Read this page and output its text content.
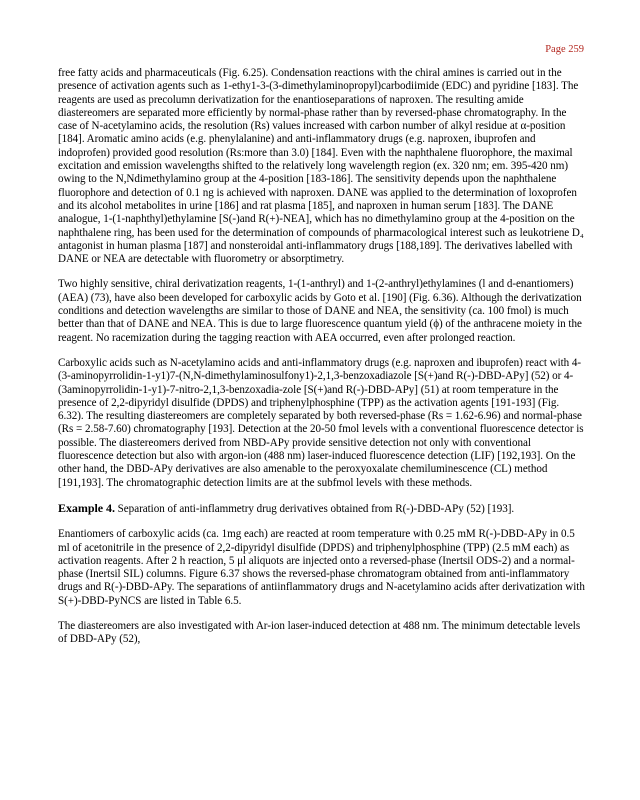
Page 259

free fatty acids and pharmaceuticals (Fig. 6.25). Condensation reactions with the chiral amines is carried out in the presence of activation agents such as 1-ethy1-3-(3-dimethylaminopropyl)carbodiimide (EDC) and pyridine [183]. The reagents are used as precolumn derivatization for the enantioseparations of naproxen. The resulting amide diastereomers are separated more efficiently by normal-phase rather than by reversed-phase chromatography. In the case of N-acetylamino acids, the resolution (Rs) values increased with carbon number of alkyl residue at α-position [184]. Aromatic amino acids (e.g. phenylalanine) and anti-inflammatory drugs (e.g. naproxen, ibuprofen and indoprofen) provided good resolution (Rs:more than 3.0) [184]. Even with the naphthalene fluorophore, the maximal excitation and emission wavelengths shifted to the relatively long wavelength region (ex. 320 nm; em. 395-420 nm) owing to the N,Ndimethylamino group at the 4-position [183-186]. The sensitivity depends upon the naphthalene fluorophore and detection of 0.1 ng is achieved with naproxen. DANE was applied to the determination of loxoprofen and its alcohol metabolites in urine [186] and rat plasma [185], and naproxen in human serum [183]. The DANE analogue, 1-(1-naphthyl)ethylamine [S(-)and R(+)-NEA], which has no dimethylamino group at the 4-position on the naphthalene ring, has been used for the determination of compounds of pharmacological interest such as leukotriene D₄ antagonist in human plasma [187] and nonsteroidal anti-inflammatory drugs [188,189]. The derivatives labelled with DANE or NEA are detectable with fluorometry or absorptimetry.

Two highly sensitive, chiral derivatization reagents, 1-(1-anthryl) and 1-(2-anthryl)ethylamines (l and d-enantiomers) (AEA) (73), have also been developed for carboxylic acids by Goto et al. [190] (Fig. 6.36). Although the derivatization conditions and detection wavelengths are similar to those of DANE and NEA, the sensitivity (ca. 100 fmol) is much better than that of DANE and NEA. This is due to large fluorescence quantum yield (ϕ) of the anthracene moiety in the reagent. No racemization during the tagging reaction with AEA occurred, even after prolonged reaction.

Carboxylic acids such as N-acetylamino acids and anti-inflammatory drugs (e.g. naproxen and ibuprofen) react with 4-(3-aminopyrrolidin-1-y1)7-(N,N-dimethylaminosulfony1)-2,1,3-benzoxadiazole [S(+)and R(-)-DBD-APy] (52) or 4-(3aminopyrrolidin-1-y1)-7-nitro-2,1,3-benzoxadia-zole [S(+)and R(-)-DBD-APy] (51) at room temperature in the presence of 2,2-dipyridyl disulfide (DPDS) and triphenylphosphine (TPP) as the activation agents [191-193] (Fig. 6.32). The resulting diastereomers are completely separated by both reversed-phase (Rs = 1.62-6.96) and normal-phase (Rs = 2.58-7.60) chromatography [193]. Detection at the 20-50 fmol levels with a conventional fluorescence detector is possible. The diastereomers derived from NBD-APy provide sensitive detection not only with conventional fluorescence detection but also with argon-ion (488 nm) laser-induced fluorescence detection (LIF) [192,193]. On the other hand, the DBD-APy derivatives are also amenable to the peroxyoxalate chemiluminescence (CL) method [191,193]. The chromatographic detection limits are at the subfmol levels with these methods.

Example 4. Separation of anti-inflammetry drug derivatives obtained from R(-)-DBD-APy (52) [193].

Enantiomers of carboxylic acids (ca. 1mg each) are reacted at room temperature with 0.25 mM R(-)-DBD-APy in 0.5 ml of acetonitrile in the presence of 2,2-dipyridyl disulfide (DPDS) and triphenylphosphine (TPP) (2.5 mM each) as activation reagents. After 2 h reaction, 5 μl aliquots are injected onto a reversed-phase (Inertsil ODS-2) and a normal-phase (Inertsil SIL) columns. Figure 6.37 shows the reversed-phase chromatogram obtained from anti-inflammatory drugs and R(-)-DBD-APy. The separations of antiinflammatory drugs and N-acetylamino acids after derivatization with S(+)-DBD-PyNCS are listed in Table 6.5.

The diastereomers are also investigated with Ar-ion laser-induced detection at 488 nm. The minimum detectable levels of DBD-APy (52),
